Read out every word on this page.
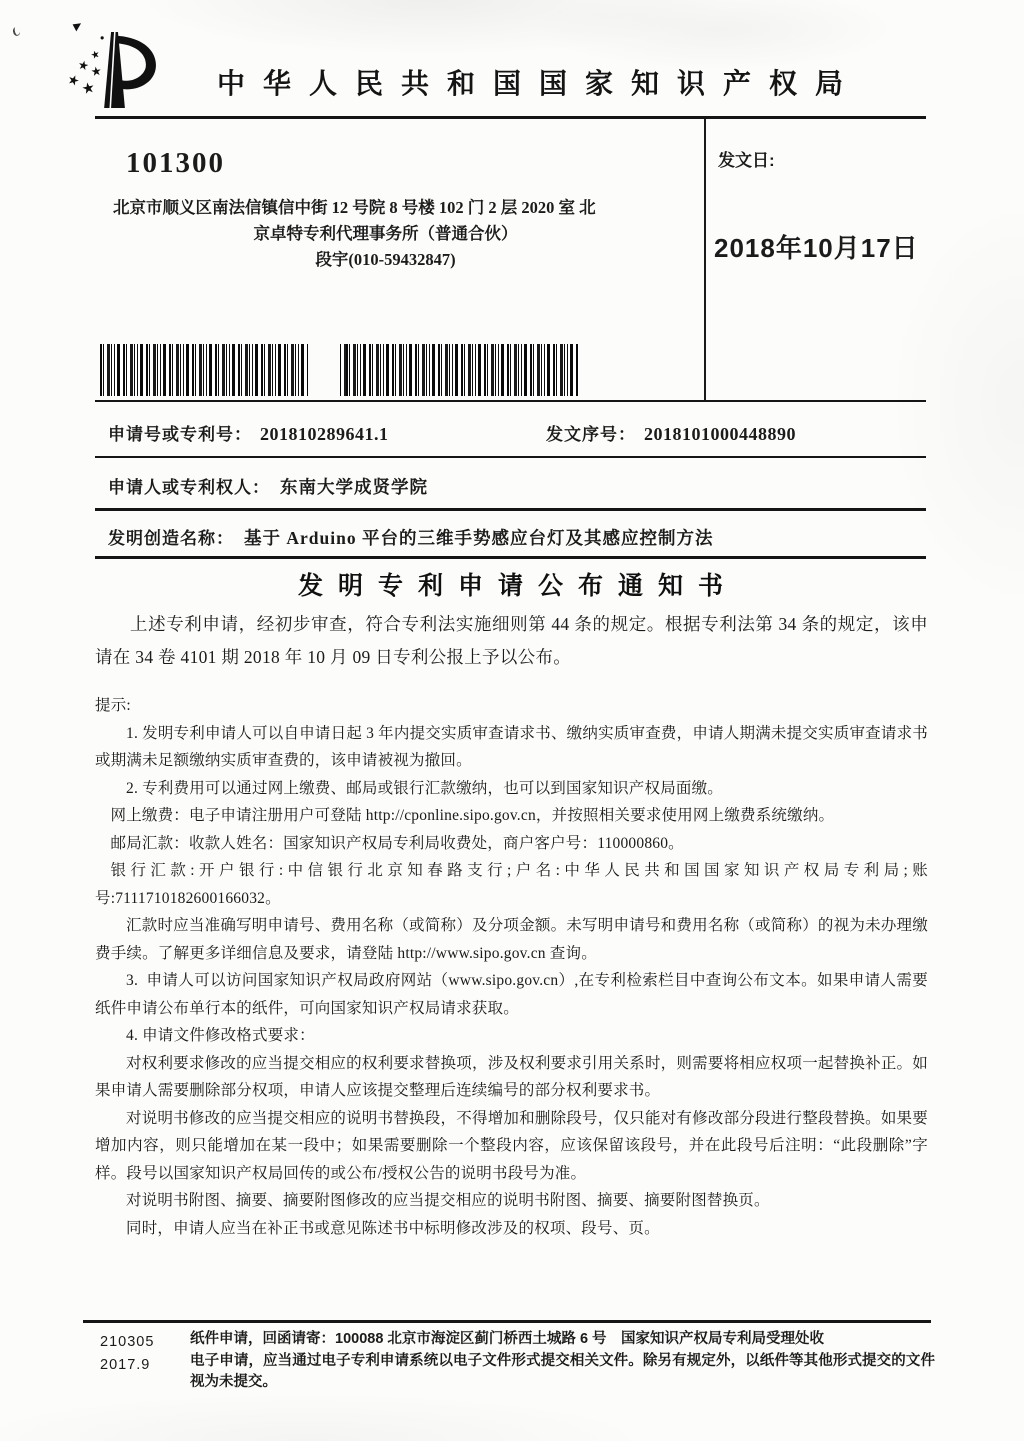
中华人民共和国国家知识产权局
101300
北京市顺义区南法信镇信中街 12 号院 8 号楼 102 门 2 层 2020 室 北
京卓特专利代理事务所（普通合伙）
段宇(010-59432847)
发文日:
2018年10月17日
申请号或专利号： 201810289641.1	发文序号： 2018101000448890
申请人或专利权人： 东南大学成贤学院
发明创造名称： 基于 Arduino 平台的三维手势感应台灯及其感应控制方法
发明专利申请公布通知书
上述专利申请，经初步审查，符合专利法实施细则第 44 条的规定。根据专利法第 34 条的规定，该申请在 34 卷 4101 期 2018 年 10 月 09 日专利公报上予以公布。

提示:

1. 发明专利申请人可以自申请日起 3 年内提交实质审查请求书、缴纳实质审查费，申请人期满未提交实质审查请求书或期满未足额缴纳实质审查费的，该申请被视为撤回。

2. 专利费用可以通过网上缴费、邮局或银行汇款缴纳，也可以到国家知识产权局面缴。

网上缴费：电子申请注册用户可登陆 http://cponline.sipo.gov.cn，并按照相关要求使用网上缴费系统缴纳。

邮局汇款：收款人姓名：国家知识产权局专利局收费处，商户客户号：110000860。

银行汇款:开户银行:中信银行北京知春路支行;户名:中华人民共和国国家知识产权局专利局;账号:7111710182600166032。

汇款时应当准确写明申请号、费用名称（或简称）及分项金额。未写明申请号和费用名称（或简称）的视为未办理缴费手续。了解更多详细信息及要求，请登陆 http://www.sipo.gov.cn 查询。

3.  申请人可以访问国家知识产权局政府网站（www.sipo.gov.cn）,在专利检索栏目中查询公布文本。如果申请人需要纸件申请公布单行本的纸件，可向国家知识产权局请求获取。

4. 申请文件修改格式要求：

对权利要求修改的应当提交相应的权利要求替换项，涉及权利要求引用关系时，则需要将相应权项一起替换补正。如果申请人需要删除部分权项，申请人应该提交整理后连续编号的部分权利要求书。

对说明书修改的应当提交相应的说明书替换段，不得增加和删除段号，仅只能对有修改部分段进行整段替换。如果要增加内容，则只能增加在某一段中；如果需要删除一个整段内容，应该保留该段号，并在此段号后注明：“此段删除”字样。段号以国家知识产权局回传的或公布/授权公告的说明书段号为准。

对说明书附图、摘要、摘要附图修改的应当提交相应的说明书附图、摘要、摘要附图替换页。

同时，申请人应当在补正书或意见陈述书中标明修改涉及的权项、段号、页。

210305
2017.9

纸件申请，回函请寄：100088 北京市海淀区蓟门桥西土城路 6 号　国家知识产权局专利局受理处收

电子申请，应当通过电子专利申请系统以电子文件形式提交相关文件。除另有规定外，以纸件等其他形式提交的文件视为未提交。
